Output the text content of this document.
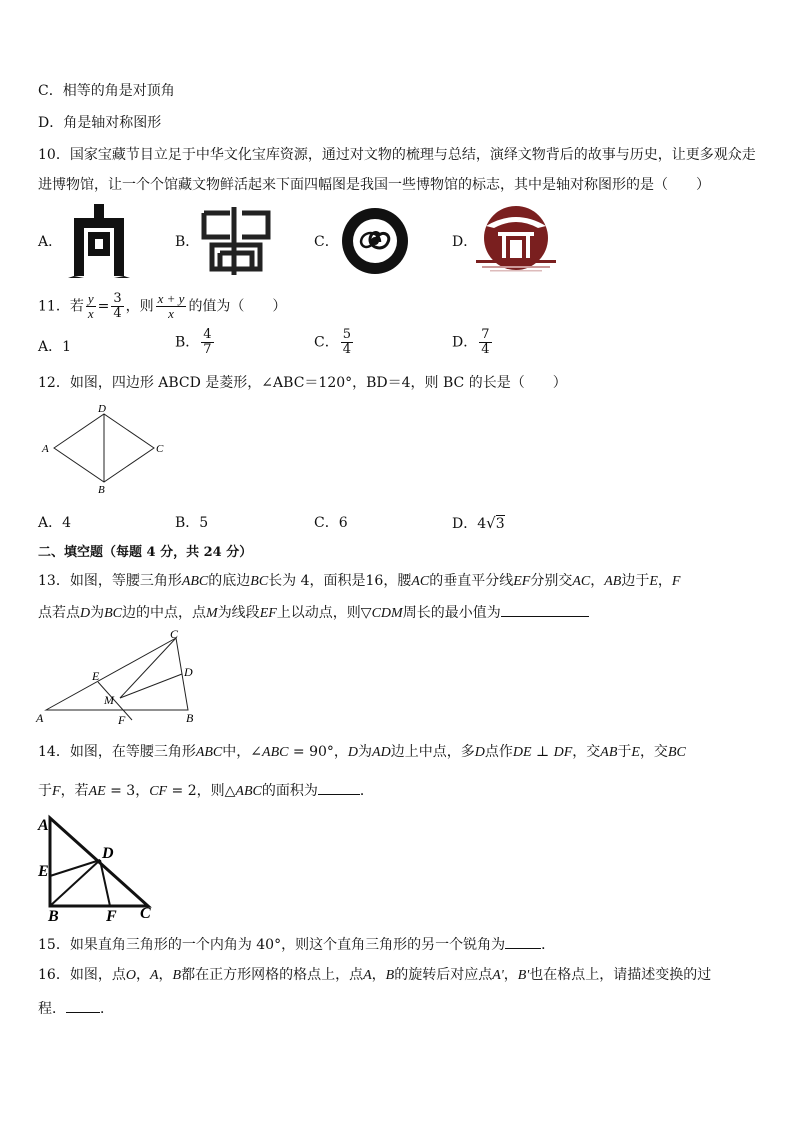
C．相等的角是对顶角
D．角是轴对称图形
10．国家宝藏节目立足于中华文化宝库资源，通过对文物的梳理与总结，演绎文物背后的故事与历史，让更多观众走
进博物馆，让一个个馆藏文物鲜活起来下面四幅图是我国一些博物馆的标志，其中是轴对称图形的是（　　）
A．	B．	C．	D．
11．若 $\frac{y}{x} = \frac{3}{4}$ ，则 $\frac{x + y}{x}$ 的值为（　　）
A．1	B． $\frac{4}{7}$	C． $\frac{5}{4}$	D． $\frac{7}{4}$
12．如图，四边形 ABCD 是菱形，∠ABC＝120°，BD＝4，则 BC 的长是（　　）
D
A	C
B
A．4	B．5	C．6	D．4√3
二、填空题（每题 4 分，共 24 分）
13．如图，等腰三角形ABC的底边BC长为 4，面积是16，腰AC的垂直平分线EF分别交AC，AB边于E，F
点若点D为BC边的中点，点M为线段EF上以动点，则▽CDM周长的最小值为
A
C
D
B
E
F
M
14．如图，在等腰三角形ABC中，∠ABC = 90°，D为AD边上中点，多D点作DE ⊥ DF，交AB于E，交BC
于F，若AE = 3，CF = 2，则△ABC的面积为	．
A
E
D
B	F C
15．如果直角三角形的一个内角为 40°，则这个直角三角形的另一个锐角为	．
16．如图，点O，A，B都在正方形网格的格点上，点A，B的旋转后对应点A'，B'也在格点上，请描述变换的过
程． ．
